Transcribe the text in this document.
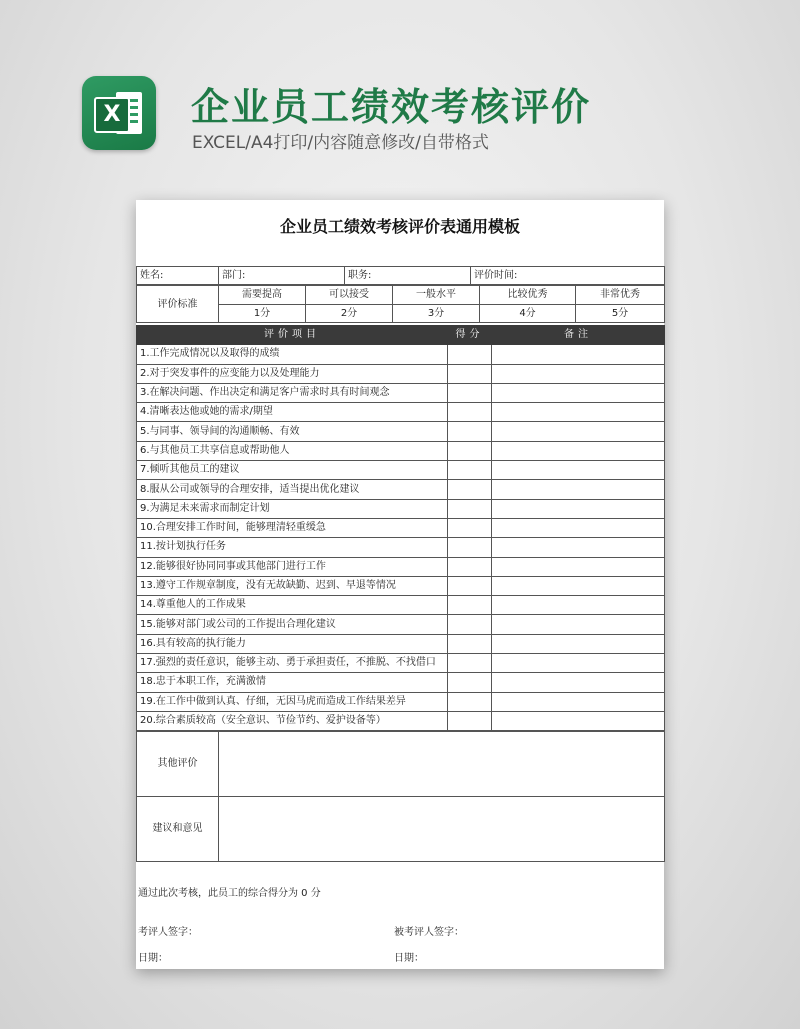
X 企业员工绩效考核评价
EXCEL/A4打印/内容随意修改/自带格式
企业员工绩效考核评价表通用模板
姓名:	部门:	职务:	评价时间:
评价标准	需要提高	可以接受	一般水平	比较优秀	非常优秀
	1分	2分	3分	4分	5分
评价项目	得分	备注
1.工作完成情况以及取得的成绩		
2.对于突发事件的应变能力以及处理能力		
3.在解决问题、作出决定和满足客户需求时具有时间观念		
4.清晰表达他或她的需求/期望		
5.与同事、领导间的沟通顺畅、有效		
6.与其他员工共享信息或帮助他人		
7.倾听其他员工的建议		
8.服从公司或领导的合理安排，适当提出优化建议		
9.为满足未来需求而制定计划		
10.合理安排工作时间，能够理清轻重缓急		
11.按计划执行任务		
12.能够很好协同同事或其他部门进行工作		
13.遵守工作规章制度，没有无故缺勤、迟到、早退等情况		
14.尊重他人的工作成果		
15.能够对部门或公司的工作提出合理化建议		
16.具有较高的执行能力		
17.强烈的责任意识，能够主动、勇于承担责任，不推脱、不找借口		
18.忠于本职工作，充满激情		
19.在工作中做到认真、仔细，无因马虎而造成工作结果差异		
20.综合素质较高（安全意识、节俭节约、爱护设备等）		
其他评价	
建议和意见	
通过此次考核，此员工的综合得分为 0 分
考评人签字：	被考评人签字：
日期：	日期：
